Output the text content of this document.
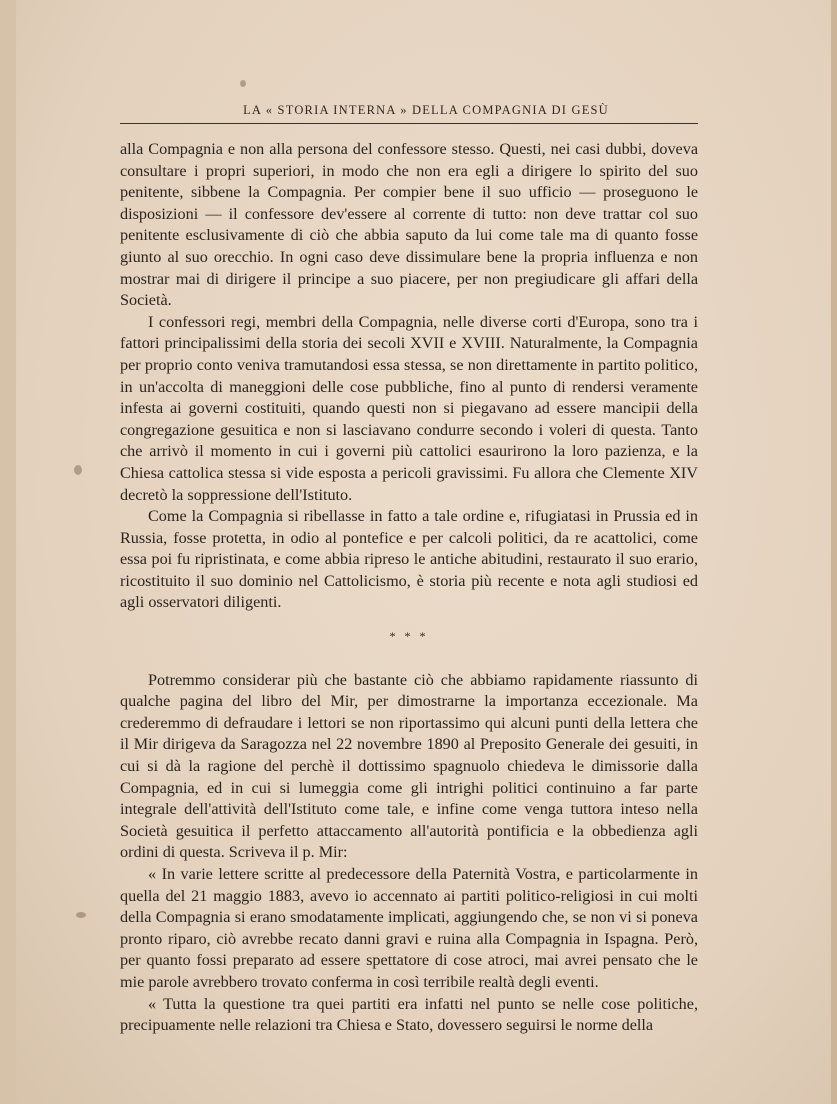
LA « STORIA INTERNA » DELLA COMPAGNIA DI GESÙ

alla Compagnia e non alla persona del confessore stesso. Questi, nei casi dubbi, doveva consultare i propri superiori, in modo che non era egli a dirigere lo spirito del suo penitente, sibbene la Compagnia. Per compier bene il suo ufficio — proseguono le disposizioni — il confessore dev'essere al corrente di tutto: non deve trattar col suo penitente esclusivamente di ciò che abbia saputo da lui come tale ma di quanto fosse giunto al suo orecchio. In ogni caso deve dissimulare bene la propria influenza e non mostrar mai di dirigere il principe a suo piacere, per non pregiudicare gli affari della Società.

I confessori regi, membri della Compagnia, nelle diverse corti d'Europa, sono tra i fattori principalissimi della storia dei secoli XVII e XVIII. Naturalmente, la Compagnia per proprio conto veniva tramutandosi essa stessa, se non direttamente in partito politico, in un'accolta di maneggioni delle cose pubbliche, fino al punto di rendersi veramente infesta ai governi costituiti, quando questi non si piegavano ad essere mancipii della congregazione gesuitica e non si lasciavano condurre secondo i voleri di questa. Tanto che arrivò il momento in cui i governi più cattolici esaurirono la loro pazienza, e la Chiesa cattolica stessa si vide esposta a pericoli gravissimi. Fu allora che Clemente XIV decretò la soppressione dell'Istituto.

Come la Compagnia si ribellasse in fatto a tale ordine e, rifugiatasi in Prussia ed in Russia, fosse protetta, in odio al pontefice e per calcoli politici, da re acattolici, come essa poi fu ripristinata, e come abbia ripreso le antiche abitudini, restaurato il suo erario, ricostituito il suo dominio nel Cattolicismo, è storia più recente e nota agli studiosi ed agli osservatori diligenti.

* * *

Potremmo considerar più che bastante ciò che abbiamo rapidamente riassunto di qualche pagina del libro del Mir, per dimostrarne la importanza eccezionale. Ma crederemmo di defraudare i lettori se non riportassimo qui alcuni punti della lettera che il Mir dirigeva da Saragozza nel 22 novembre 1890 al Preposito Generale dei gesuiti, in cui si dà la ragione del perchè il dottissimo spagnuolo chiedeva le dimissorie dalla Compagnia, ed in cui si lumeggia come gli intrighi politici continuino a far parte integrale dell'attività dell'Istituto come tale, e infine come venga tuttora inteso nella Società gesuitica il perfetto attaccamento all'autorità pontificia e la obbedienza agli ordini di questa. Scriveva il p. Mir:

« In varie lettere scritte al predecessore della Paternità Vostra, e particolarmente in quella del 21 maggio 1883, avevo io accennato ai partiti politico-religiosi in cui molti della Compagnia si erano smodatamente implicati, aggiungendo che, se non vi si poneva pronto riparo, ciò avrebbe recato danni gravi e ruina alla Compagnia in Ispagna. Però, per quanto fossi preparato ad essere spettatore di cose atroci, mai avrei pensato che le mie parole avrebbero trovato conferma in così terribile realtà degli eventi.

« Tutta la questione tra quei partiti era infatti nel punto se nelle cose politiche, precipuamente nelle relazioni tra Chiesa e Stato, dovessero seguirsi le norme della
